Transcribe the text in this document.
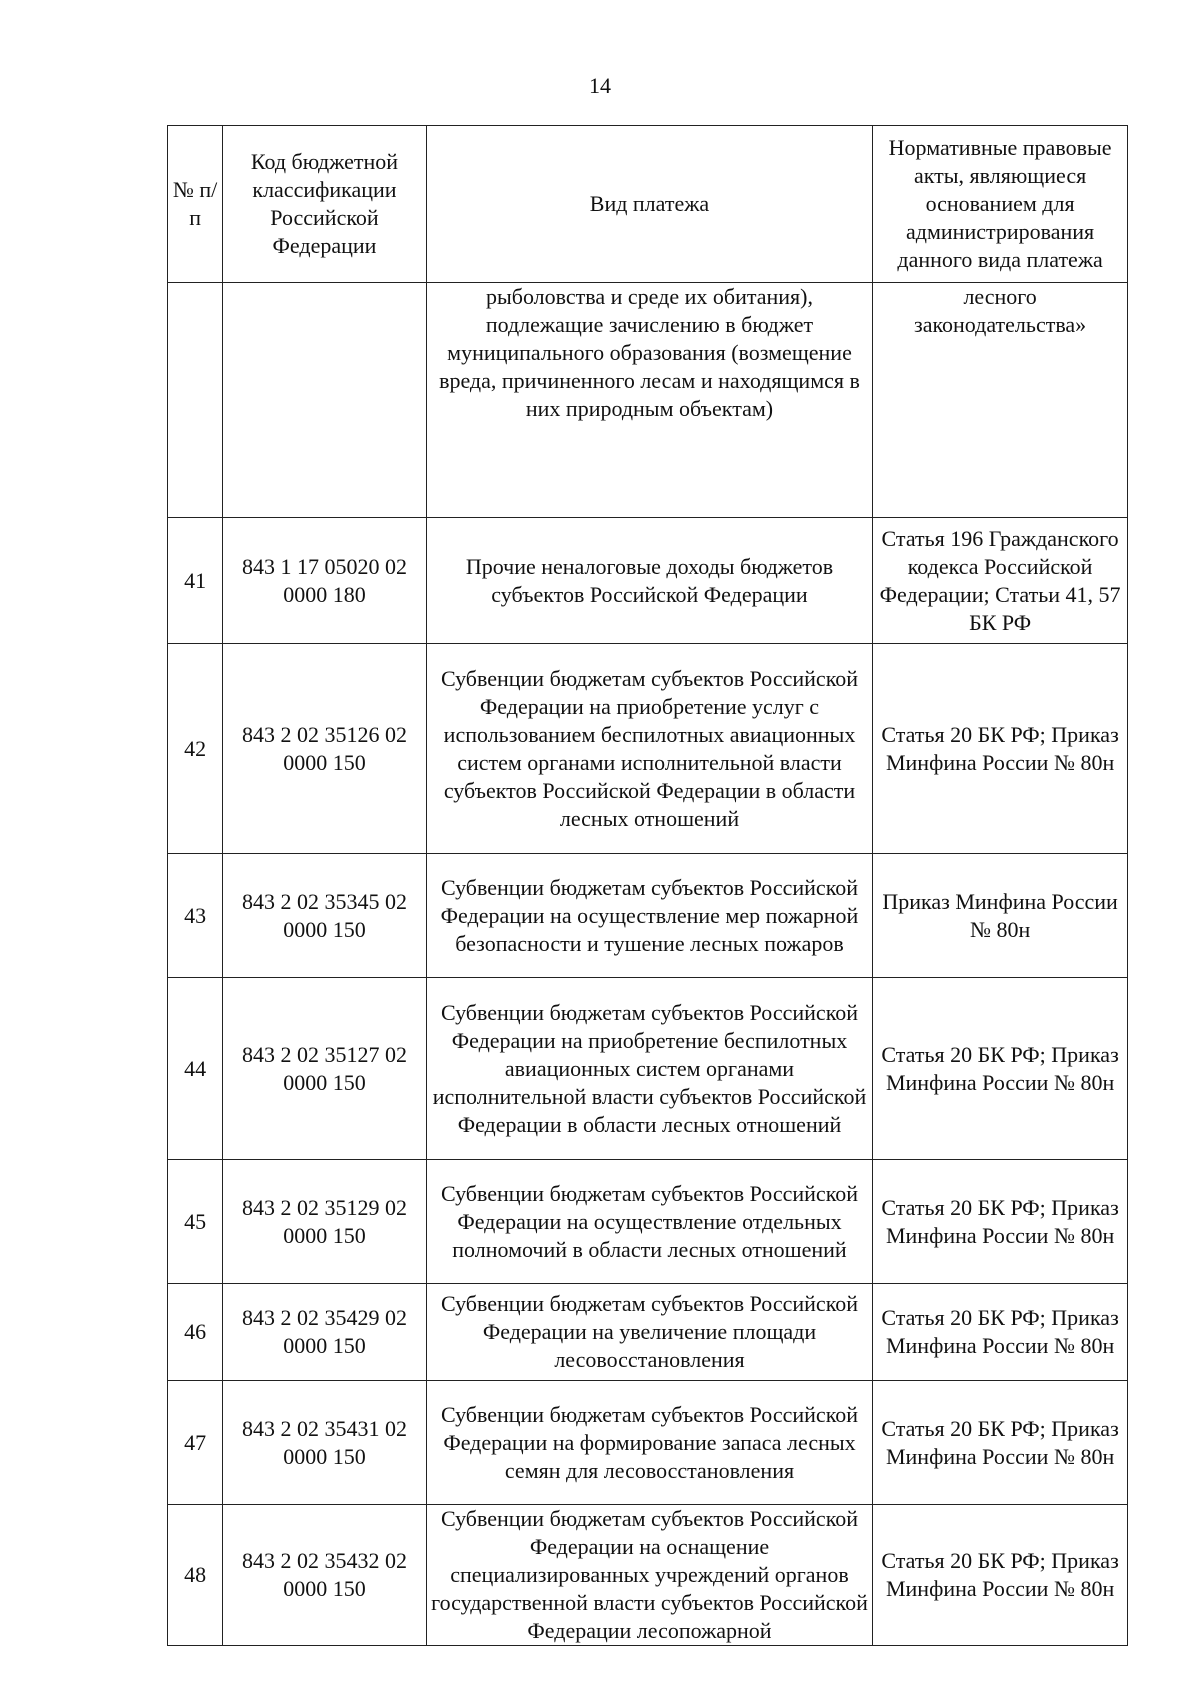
14
№ п/п	Код бюджетной классификации Российской Федерации	Вид платежа	Нормативные правовые акты, являющиеся основанием для администрирования данного вида платежа
		рыболовства и среде их обитания), подлежащие зачислению в бюджет муниципального образования (возмещение вреда, причиненного лесам и находящимся в них природным объектам)	лесного законодательства»
41	843 1 17 05020 02 0000 180	Прочие неналоговые доходы бюджетов субъектов Российской Федерации	Статья 196 Гражданского кодекса Российской Федерации; Статьи 41, 57 БК РФ
42	843 2 02 35126 02 0000 150	Субвенции бюджетам субъектов Российской Федерации на приобретение услуг с использованием беспилотных авиационных систем органами исполнительной власти субъектов Российской Федерации в области лесных отношений	Статья 20 БК РФ; Приказ Минфина России № 80н
43	843 2 02 35345 02 0000 150	Субвенции бюджетам субъектов Российской Федерации на осуществление мер пожарной безопасности и тушение лесных пожаров	Приказ Минфина России № 80н
44	843 2 02 35127 02 0000 150	Субвенции бюджетам субъектов Российской Федерации на приобретение беспилотных авиационных систем органами исполнительной власти субъектов Российской Федерации в области лесных отношений	Статья 20 БК РФ; Приказ Минфина России № 80н
45	843 2 02 35129 02 0000 150	Субвенции бюджетам субъектов Российской Федерации на осуществление отдельных полномочий в области лесных отношений	Статья 20 БК РФ; Приказ Минфина России № 80н
46	843 2 02 35429 02 0000 150	Субвенции бюджетам субъектов Российской Федерации на увеличение площади лесовосстановления	Статья 20 БК РФ; Приказ Минфина России № 80н
47	843 2 02 35431 02 0000 150	Субвенции бюджетам субъектов Российской Федерации на формирование запаса лесных семян для лесовосстановления	Статья 20 БК РФ; Приказ Минфина России № 80н
48	843 2 02 35432 02 0000 150	Субвенции бюджетам субъектов Российской Федерации на оснащение специализированных учреждений органов государственной власти субъектов Российской Федерации лесопожарной	Статья 20 БК РФ; Приказ Минфина России № 80н
